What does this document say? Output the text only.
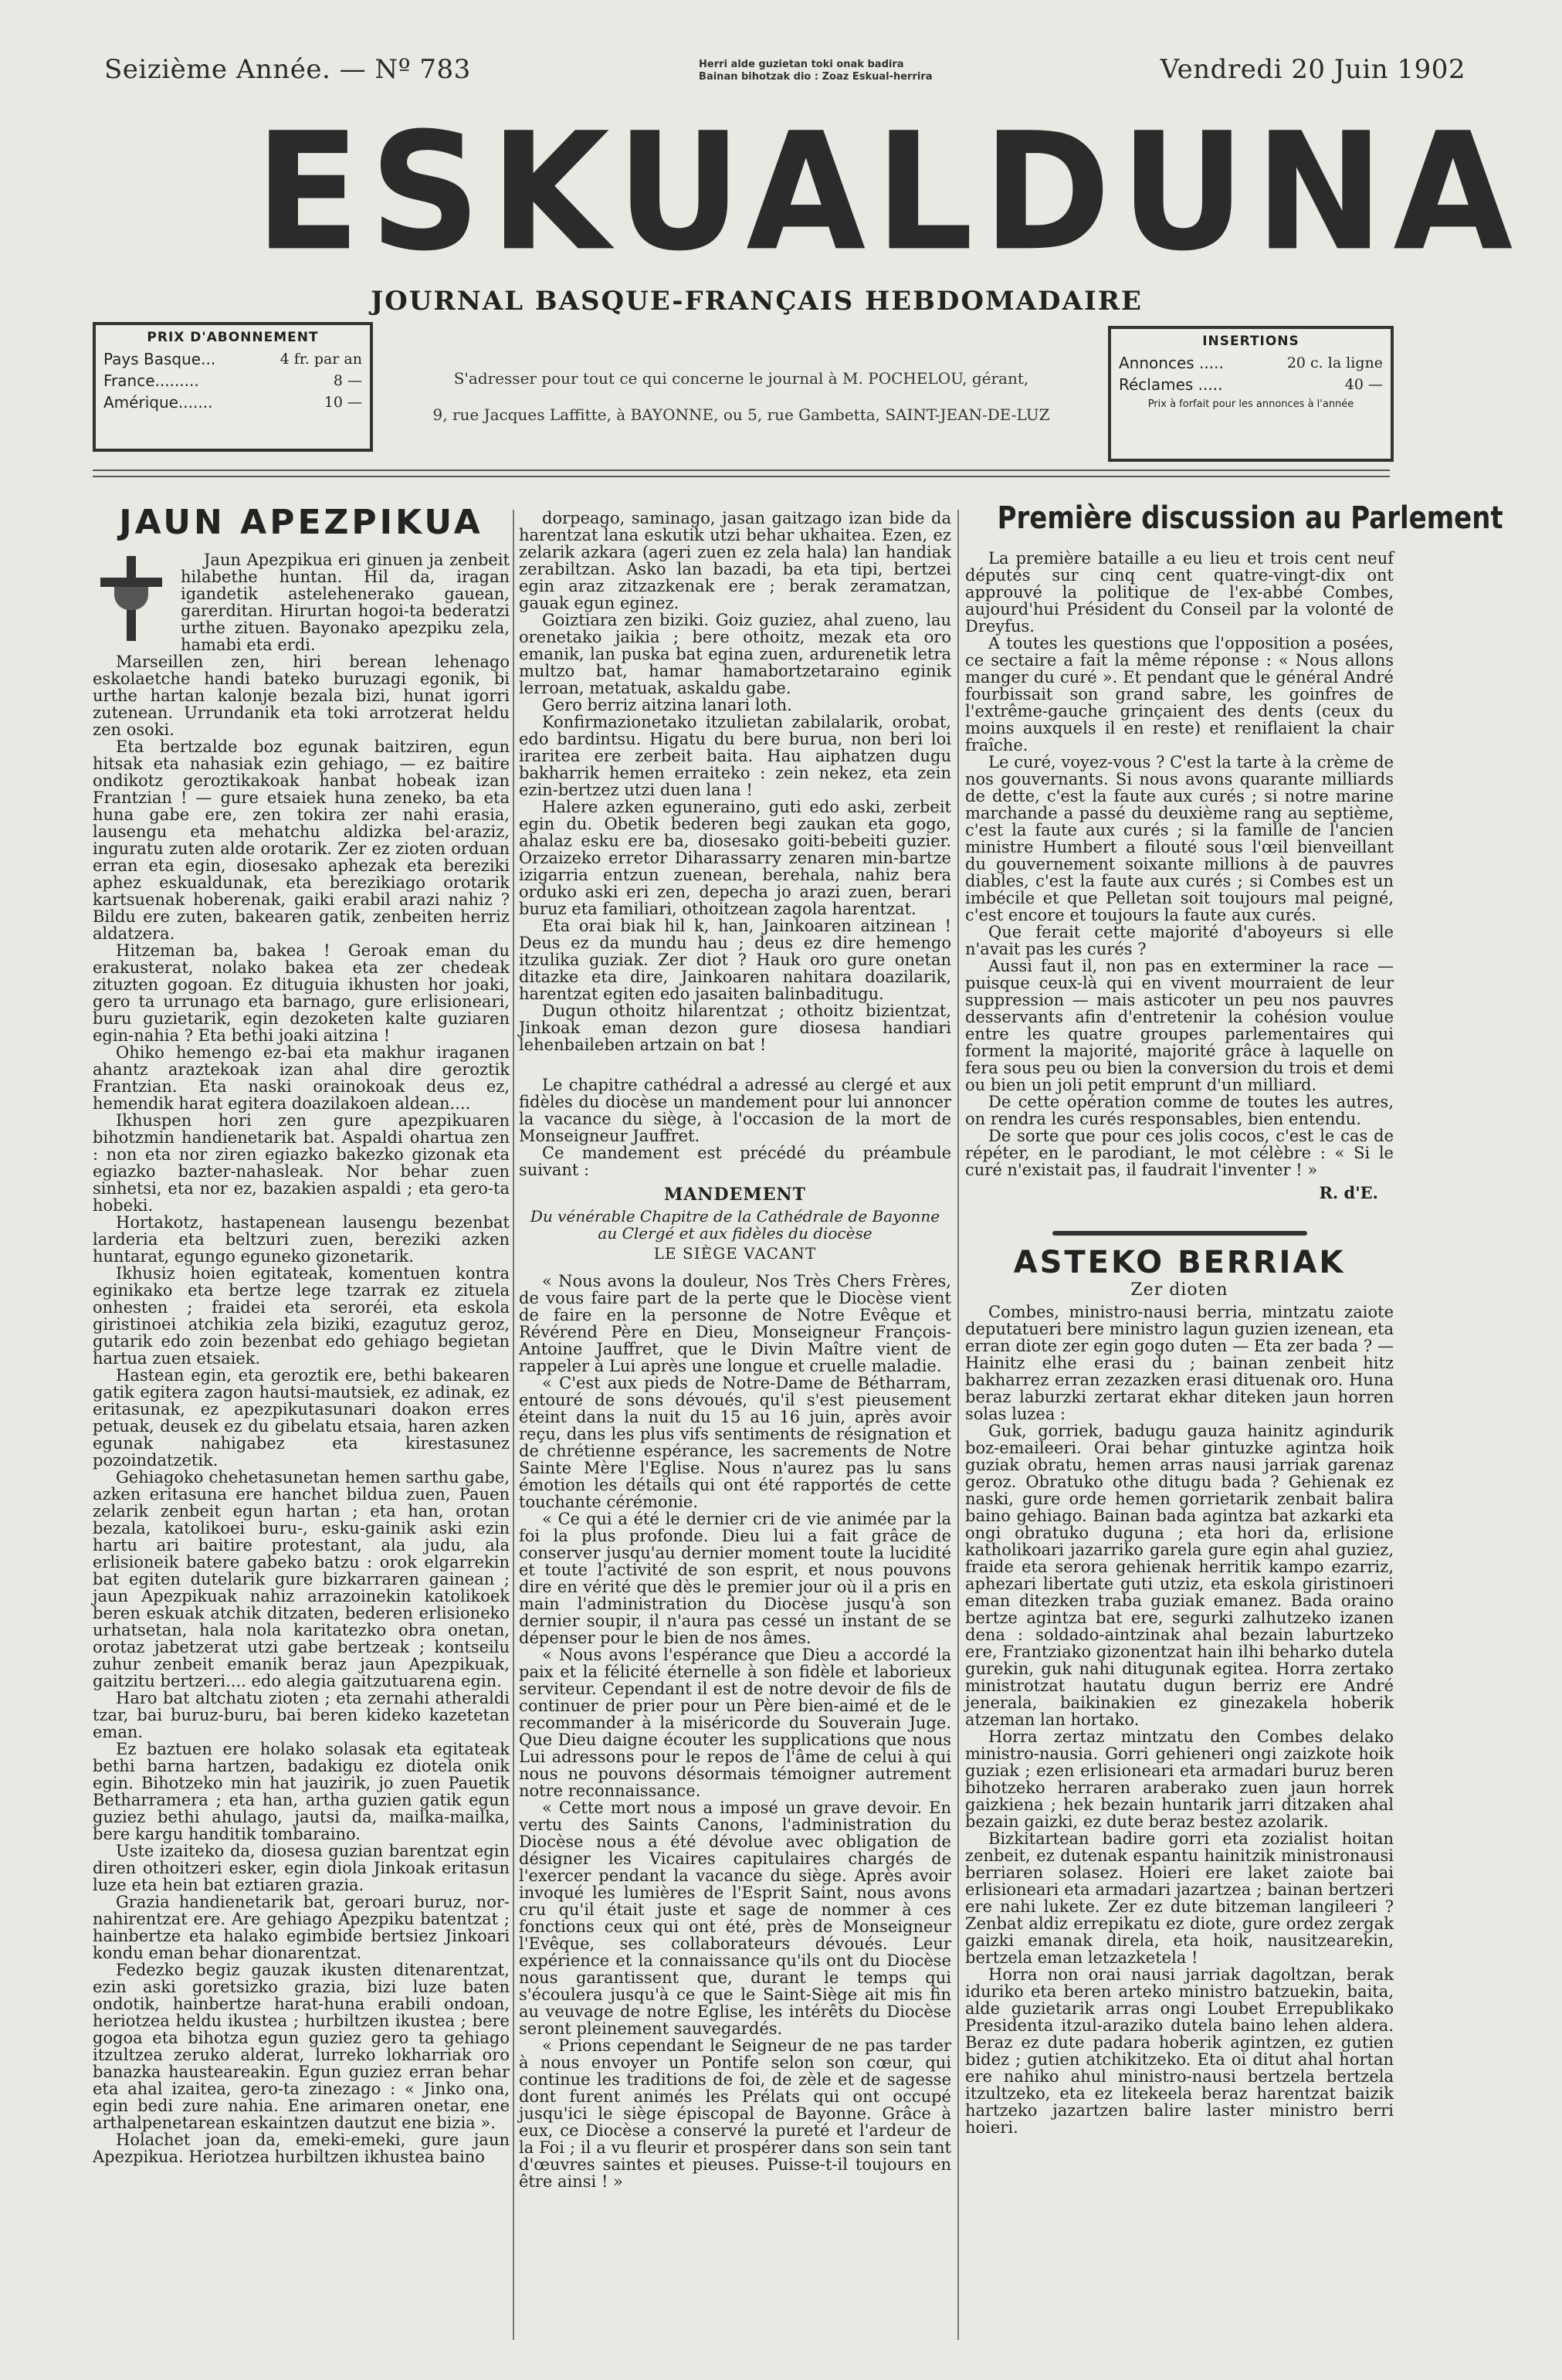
Seizième Année. — Nº 783	Herri alde guzietan toki onak badira
Bainan bihotzak dio : Zoaz Eskual-herrira	Vendredi 20 Juin 1902
ESKUALDUNA
JOURNAL BASQUE-FRANÇAIS HEBDOMADAIRE
PRIX D'ABONNEMENT
Pays Basque...	4 fr. par an
France.........	8 —
Amérique.......	10 —
S'adresser pour tout ce qui concerne le journal à M. POCHELOU, gérant,
9, rue Jacques Laffitte, à BAYONNE, ou 5, rue Gambetta, SAINT-JEAN-DE-LUZ
INSERTIONS
Annonces .....	20 c. la ligne
Réclames .....	40 —
Prix à forfait pour les annonces à l'année
JAUN APEZPIKUA

Jaun Apezpikua eri ginuen ja zenbeit hilabethe huntan. Hil da, iragan igandetik astelehenerako gauean, garerditan. Hirurtan hogoi-ta bederatzi urthe zituen. Bayonako apezpiku zela, hamabi eta erdi.

Marseillen zen, hiri berean lehenago eskolaetche handi bateko buruzagi egonik, bi urthe hartan kalonje bezala bizi, hunat igorri zutenean. Urrundanik eta toki arrotzerat heldu zen osoki.

Eta bertzalde boz egunak baitziren, egun hitsak eta nahasiak ezin gehiago, — ez baitire ondikotz geroztikakoak hanbat hobeak izan Frantzian ! — gure etsaiek huna zeneko, ba eta huna gabe ere, zen tokira zer nahi erasia, lausengu eta mehatchu aldizka bel·araziz, inguratu zuten alde orotarik. Zer ez zioten orduan erran eta egin, diosesako aphezak eta bereziki aphez eskualdunak, eta berezikiago orotarik kartsuenak hoberenak, gaiki erabil arazi nahiz ? Bildu ere zuten, bakearen gatik, zenbeiten herriz aldatzera.

Hitzeman ba, bakea ! Geroak eman du erakusterat, nolako bakea eta zer chedeak zituzten gogoan. Ez dituguia ikhusten hor joaki, gero ta urrunago eta barnago, gure erlisioneari, buru guzietarik, egin dezoketen kalte guziaren egin-nahia ? Eta bethi joaki aitzina !

Ohiko hemengo ez-bai eta makhur iraganen ahantz araztekoak izan ahal dire geroztik Frantzian. Eta naski orainokoak deus ez, hemendik harat egitera doazilakoen aldean....

Ikhuspen hori zen gure apezpikuaren bihotzmin handienetarik bat. Aspaldi ohartua zen : non eta nor ziren egiazko bakezko gizonak eta egiazko bazter-nahasleak. Nor behar zuen sinhetsi, eta nor ez, bazakien aspaldi ; eta gero-ta hobeki.

Hortakotz, hastapenean lausengu bezenbat larderia eta beltzuri zuen, bereziki azken huntarat, egungo eguneko gizonetarik.

Ikhusiz hoien egitateak, komentuen kontra eginikako eta bertze lege tzarrak ez zituela onhesten ; fraidei eta seroréi, eta eskola giristinoei atchikia zela biziki, ezagutuz geroz, gutarik edo zoin bezenbat edo gehiago begietan hartua zuen etsaiek.

Hastean egin, eta geroztik ere, bethi bakearen gatik egitera zagon hautsi-mautsiek, ez adinak, ez eritasunak, ez apezpikutasunari doakon erres petuak, deusek ez du gibelatu etsaia, haren azken egunak nahigabez eta kirestasunez pozoindatzetik.

Gehiagoko chehetasunetan hemen sarthu gabe, azken eritasuna ere hanchet bildua zuen, Pauen zelarik zenbeit egun hartan ; eta han, orotan bezala, katolikoei buru-, esku-gainik aski ezin hartu ari baitire protestant, ala judu, ala erlisioneik batere gabeko batzu : orok elgarrekin bat egiten dutelarik gure bizkarraren gainean ; jaun Apezpikuak nahiz arrazoinekin katolikoek beren eskuak atchik ditzaten, bederen erlisioneko urhatsetan, hala nola karitatezko obra onetan, orotaz jabetzerat utzi gabe bertzeak ; kontseilu zuhur zenbeit emanik beraz jaun Apezpikuak, gaitzitu bertzeri.... edo alegia gaitzutuarena egin.

Haro bat altchatu zioten ; eta zernahi atheraldi tzar, bai buruz-buru, bai beren kideko kazetetan eman.

Ez baztuen ere holako solasak eta egitateak bethi barna hartzen, badakigu ez diotela onik egin. Bihotzeko min hat jauzirik, jo zuen Pauetik Betharramera ; eta han, artha guzien gatik egun guziez bethi ahulago, jautsi da, mailka-mailka, bere kargu handitik tombaraino.

Uste izaiteko da, diosesa guzian barentzat egin diren othoitzeri esker, egin diola Jinkoak eritasun luze eta hein bat eztiaren grazia.

Grazia handienetarik bat, geroari buruz, nor-nahirentzat ere. Are gehiago Apezpiku batentzat ; hainbertze eta halako egimbide bertsiez Jinkoari kondu eman behar dionarentzat.

Fedezko begiz gauzak ikusten ditenarentzat, ezin aski goretsizko grazia, bizi luze baten ondotik, hainbertze harat-huna erabili ondoan, heriotzea heldu ikustea ; hurbiltzen ikustea ; bere gogoa eta bihotza egun guziez gero ta gehiago itzultzea zeruko alderat, lurreko lokharriak oro banazka hausteareakin. Egun guziez erran behar eta ahal izaitea, gero-ta zinezago : « Jinko ona, egin bedi zure nahia. Ene arimaren onetar, ene arthalpenetarean eskaintzen dautzut ene bizia ».

Holachet joan da, emeki-emeki, gure jaun Apezpikua. Heriotzea hurbiltzen ikhustea baino

dorpeago, saminago, jasan gaitzago izan bide da harentzat lana eskutik utzi behar ukhaitea. Ezen, ez zelarik azkara (ageri zuen ez zela hala) lan handiak zerabiltzan. Asko lan bazadi, ba eta tipi, bertzei egin araz zitzazkenak ere ; berak zeramatzan, gauak egun eginez.

Goiztiara zen biziki. Goiz guziez, ahal zueno, lau orenetako jaikia ; bere othoitz, mezak eta oro emanik, lan puska bat egina zuen, ardurenetik letra multzo bat, hamar hamabortzetaraino eginik lerroan, metatuak, askaldu gabe.

Gero berriz aitzina lanari loth.

Konfirmazionetako itzulietan zabilalarik, orobat, edo bardintsu. Higatu du bere burua, non beri loi iraritea ere zerbeit baita. Hau aiphatzen dugu bakharrik hemen erraiteko : zein nekez, eta zein ezin-bertzez utzi duen lana !

Halere azken eguneraino, guti edo aski, zerbeit egin du. Obetik bederen begi zaukan eta gogo, ahalaz esku ere ba, diosesako goiti-bebeiti guzier. Orzaizeko erretor Diharassarry zenaren min-bartze izigarria entzun zuenean, berehala, nahiz bera orduko aski eri zen, depecha jo arazi zuen, berari buruz eta familiari, othoitzean zagola harentzat.

Eta orai biak hil k, han, Jainkoaren aitzinean ! Deus ez da mundu hau ; deus ez dire hemengo itzulika guziak. Zer diot ? Hauk oro gure onetan ditazke eta dire, Jainkoaren nahitara doazilarik, harentzat egiten edo jasaiten balinbaditugu.

Dugun othoitz hilarentzat ; othoitz bizientzat, Jinkoak eman dezon gure diosesa handiari lehenbaileben artzain on bat !

Le chapitre cathédral a adressé au clergé et aux fidèles du diocèse un mandement pour lui annoncer la vacance du siège, à l'occasion de la mort de Monseigneur Jauffret.

Ce mandement est précédé du préambule suivant :

MANDEMENT
Du vénérable Chapitre de la Cathédrale de Bayonne au Clergé et aux fidèles du diocèse
LE SIÈGE VACANT

« Nous avons la douleur, Nos Très Chers Frères, de vous faire part de la perte que le Diocèse vient de faire en la personne de Notre Evêque et Révérend Père en Dieu, Monseigneur François-Antoine Jauffret, que le Divin Maître vient de rappeler à Lui après une longue et cruelle maladie.

« C'est aux pieds de Notre-Dame de Bétharram, entouré de sons dévoués, qu'il s'est pieusement éteint dans la nuit du 15 au 16 juin, après avoir reçu, dans les plus vifs sentiments de résignation et de chrétienne espérance, les sacrements de Notre Sainte Mère l'Eglise. Nous n'aurez pas lu sans émotion les détails qui ont été rapportés de cette touchante cérémonie.

« Ce qui a été le dernier cri de vie animée par la foi la plus profonde. Dieu lui a fait grâce de conserver jusqu'au dernier moment toute la lucidité et toute l'activité de son esprit, et nous pouvons dire en vérité que dès le premier jour où il a pris en main l'administration du Diocèse jusqu'à son dernier soupir, il n'aura pas cessé un instant de se dépenser pour le bien de nos âmes.

« Nous avons l'espérance que Dieu a accordé la paix et la félicité éternelle à son fidèle et laborieux serviteur. Cependant il est de notre devoir de fils de continuer de prier pour un Père bien-aimé et de le recommander à la miséricorde du Souverain Juge. Que Dieu daigne écouter les supplications que nous Lui adressons pour le repos de l'âme de celui à qui nous ne pouvons désormais témoigner autrement notre reconnaissance.

« Cette mort nous a imposé un grave devoir. En vertu des Saints Canons, l'administration du Diocèse nous a été dévolue avec obligation de désigner les Vicaires capitulaires chargés de l'exercer pendant la vacance du siège. Après avoir invoqué les lumières de l'Esprit Saint, nous avons cru qu'il était juste et sage de nommer à ces fonctions ceux qui ont été, près de Monseigneur l'Evêque, ses collaborateurs dévoués. Leur expérience et la connaissance qu'ils ont du Diocèse nous garantissent que, durant le temps qui s'écoulera jusqu'à ce que le Saint-Siège ait mis fin au veuvage de notre Eglise, les intérêts du Diocèse seront pleinement sauvegardés.

« Prions cependant le Seigneur de ne pas tarder à nous envoyer un Pontife selon son cœur, qui continue les traditions de foi, de zèle et de sagesse dont furent animés les Prélats qui ont occupé jusqu'ici le siège épiscopal de Bayonne. Grâce à eux, ce Diocèse a conservé la pureté et l'ardeur de la Foi ; il a vu fleurir et prospérer dans son sein tant d'œuvres saintes et pieuses. Puisse-t-il toujours en être ainsi ! »

Première discussion au Parlement

La première bataille a eu lieu et trois cent neuf députés sur cinq cent quatre-vingt-dix ont approuvé la politique de l'ex-abbé Combes, aujourd'hui Président du Conseil par la volonté de Dreyfus.

A toutes les questions que l'opposition a posées, ce sectaire a fait la même réponse : « Nous allons manger du curé ». Et pendant que le général André fourbissait son grand sabre, les goinfres de l'extrême-gauche grinçaient des dents (ceux du moins auxquels il en reste) et reniflaient la chair fraîche.

Le curé, voyez-vous ? C'est la tarte à la crème de nos gouvernants. Si nous avons quarante milliards de dette, c'est la faute aux curés ; si notre marine marchande a passé du deuxième rang au septième, c'est la faute aux curés ; si la famille de l'ancien ministre Humbert a filouté sous l'œil bienveillant du gouvernement soixante millions à de pauvres diables, c'est la faute aux curés ; si Combes est un imbécile et que Pelletan soit toujours mal peigné, c'est encore et toujours la faute aux curés.

Que ferait cette majorité d'aboyeurs si elle n'avait pas les curés ?

Aussi faut il, non pas en exterminer la race — puisque ceux-là qui en vivent mourraient de leur suppression — mais asticoter un peu nos pauvres desservants afin d'entretenir la cohésion voulue entre les quatre groupes parlementaires qui forment la majorité, majorité grâce à laquelle on fera sous peu ou bien la conversion du trois et demi ou bien un joli petit emprunt d'un milliard.

De cette opération comme de toutes les autres, on rendra les curés responsables, bien entendu.

De sorte que pour ces jolis cocos, c'est le cas de répéter, en le parodiant, le mot célèbre : « Si le curé n'existait pas, il faudrait l'inventer ! »

R. d'E.
ASTEKO BERRIAK
Zer dioten

Combes, ministro-nausi berria, mintzatu zaiote deputatueri bere ministro lagun guzien izenean, eta erran diote zer egin gogo duten — Eta zer bada ? — Hainitz elhe erasi du ; bainan zenbeit hitz bakharrez erran zezazken erasi dituenak oro. Huna beraz laburzki zertarat ekhar diteken jaun horren solas luzea :

Guk, gorriek, badugu gauza hainitz agindurik boz-emaileeri. Orai behar gintuzke agintza hoik guziak obratu, hemen arras nausi jarriak garenaz geroz. Obratuko othe ditugu bada ? Gehienak ez naski, gure orde hemen gorrietarik zenbait balira baino gehiago. Bainan bada agintza bat azkarki eta ongi obratuko duguna ; eta hori da, erlisione katholikoari jazarriko garela gure egin ahal guziez, fraide eta serora gehienak herritik kampo ezarriz, aphezari libertate guti utziz, eta eskola giristinoeri eman ditezken traba guziak emanez. Bada oraino bertze agintza bat ere, segurki zalhutzeko izanen dena : soldado-aintzinak ahal bezain laburtzeko ere, Frantziako gizonentzat hain ilhi beharko dutela gurekin, guk nahi ditugunak egitea. Horra zertako ministrotzat hautatu dugun berriz ere André jenerala, baikinakien ez ginezakela hoberik atzeman lan hortako.

Horra zertaz mintzatu den Combes delako ministro-nausia. Gorri gehieneri ongi zaizkote hoik guziak ; ezen erlisioneari eta armadari buruz beren bihotzeko herraren araberako zuen jaun horrek gaizkiena ; hek bezain huntarik jarri ditzaken ahal bezain gaizki, ez dute beraz bestez azolarik.

Bizkitartean badire gorri eta zozialist hoitan zenbeit, ez dutenak espantu hainitzik ministronausi berriaren solasez. Hoieri ere laket zaiote bai erlisioneari eta armadari jazartzea ; bainan bertzeri ere nahi lukete. Zer ez dute bitzeman langileeri ? Zenbat aldiz errepikatu ez diote, gure ordez zergak gaizki emanak direla, eta hoik, nausitzearekin, bertzela eman letzazketela !

Horra non orai nausi jarriak dagoltzan, berak iduriko eta beren arteko ministro batzuekin, baita, alde guzietarik arras ongi Loubet Errepublikako Presidenta itzul-araziko dutela baino lehen aldera. Beraz ez dute padara hoberik agintzen, ez gutien bidez ; gutien atchikitzeko. Eta oi ditut ahal hortan ere nahiko ahul ministro-nausi bertzela bertzela itzultzeko, eta ez litekeela beraz harentzat baizik hartzeko jazartzen balire laster ministro berri hoieri.
